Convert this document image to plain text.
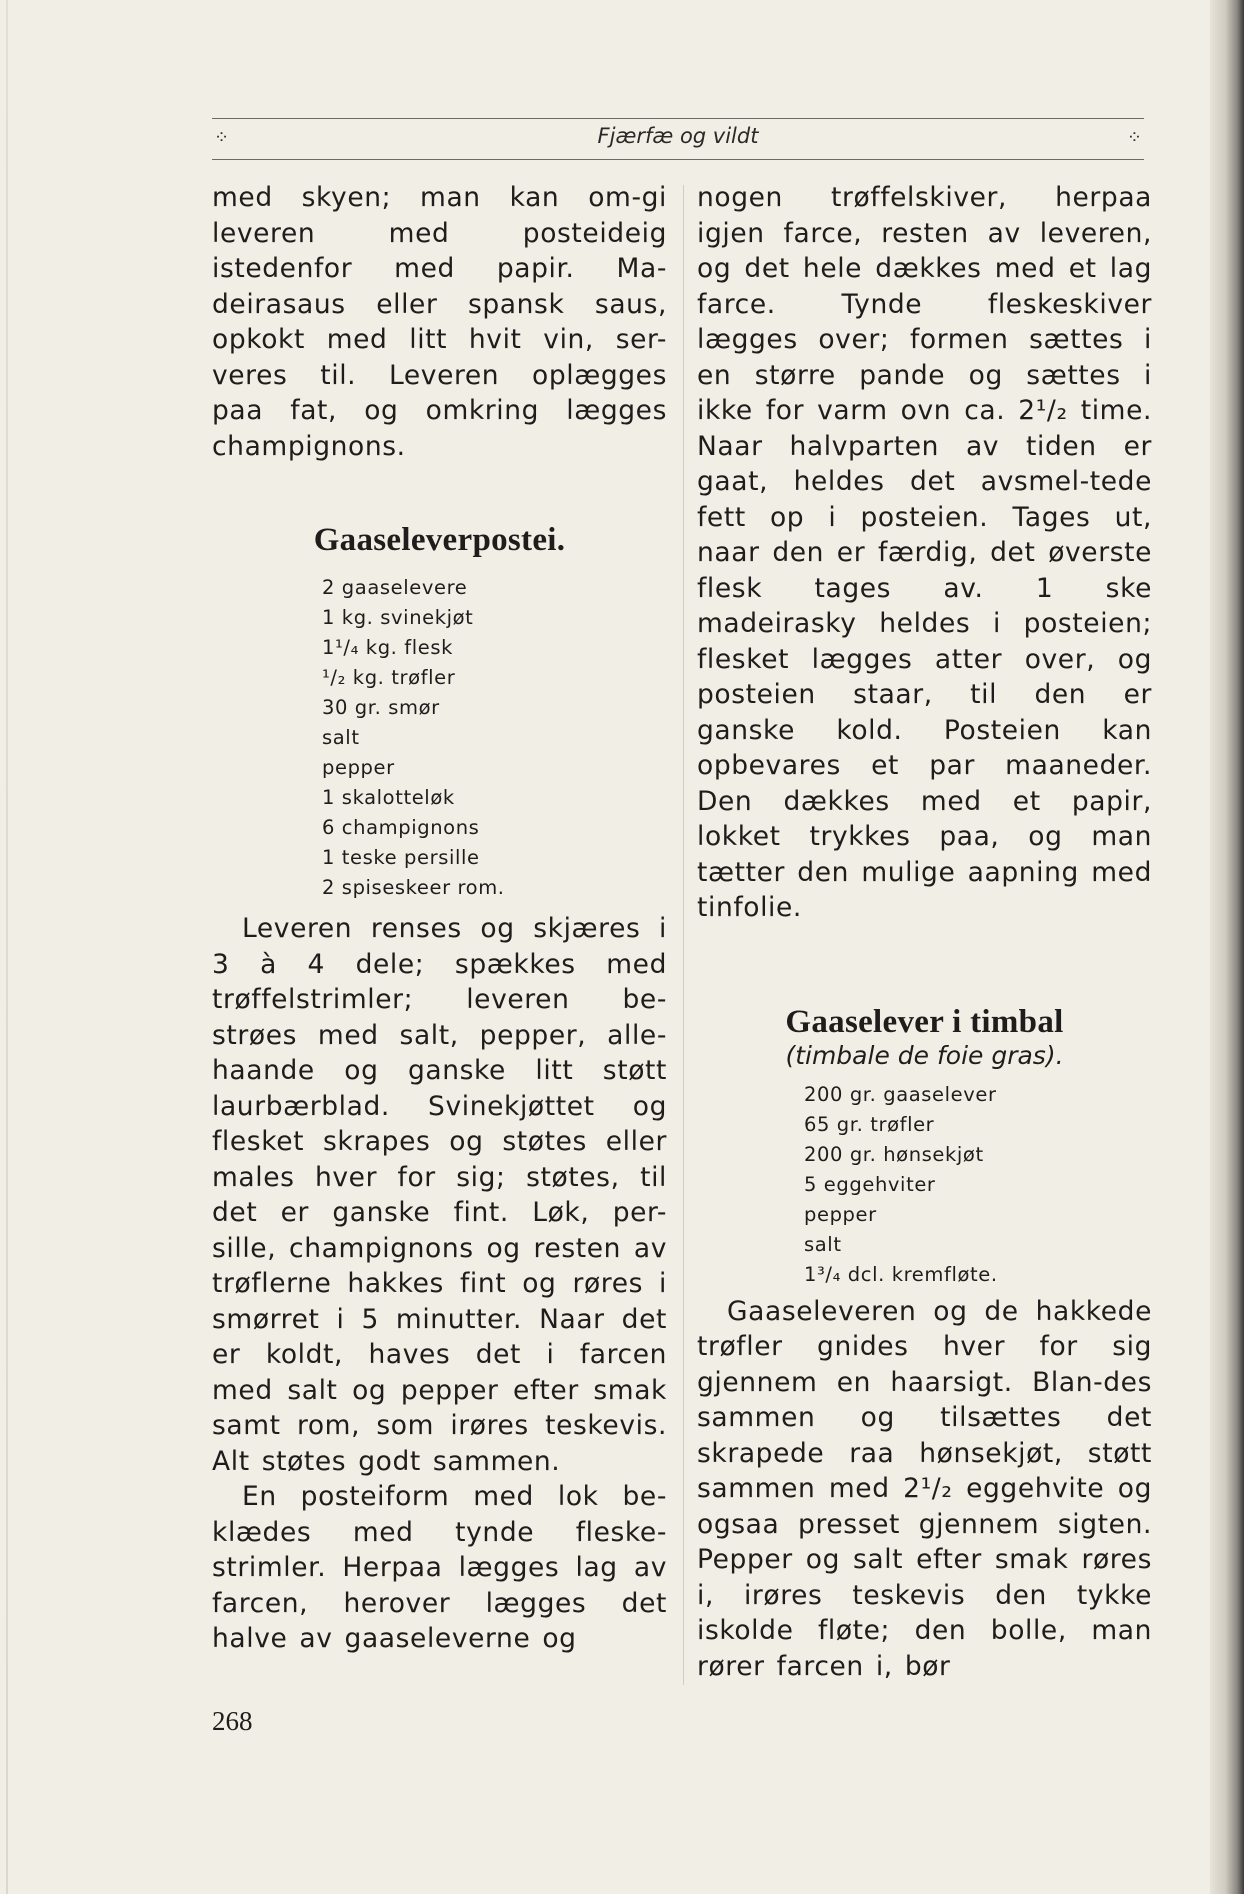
⁘	Fjærfæ og vildt	⁘

med skyen; man kan om-gi leveren med posteideig istedenfor med papir. Ma-deirasaus eller spansk saus, opkokt med litt hvit vin, ser-veres til. Leveren oplægges paa fat, og omkring lægges champignons.

Gaaseleverpostei.
2 gaaselevere
1 kg. svinekjøt
1¹/₄ kg. flesk
¹/₂ kg. trøfler
30 gr. smør
salt
pepper
1 skalotteløk
6 champignons
1 teske persille
2 spiseskeer rom.

Leveren renses og skjæres i 3 à 4 dele; spækkes med trøffelstrimler; leveren be-strøes med salt, pepper, alle-haande og ganske litt støtt laurbærblad. Svinekjøttet og flesket skrapes og støtes eller males hver for sig; støtes, til det er ganske fint. Løk, per-sille, champignons og resten av trøflerne hakkes fint og røres i smørret i 5 minutter. Naar det er koldt, haves det i farcen med salt og pepper efter smak samt rom, som irøres teskevis. Alt støtes godt sammen.

En posteiform med lok be-klædes med tynde fleske-strimler. Herpaa lægges lag av farcen, herover lægges det halve av gaaseleverne og

nogen trøffelskiver, herpaa igjen farce, resten av leveren, og det hele dækkes med et lag farce. Tynde fleskeskiver lægges over; formen sættes i en større pande og sættes i ikke for varm ovn ca. 2¹/₂ time. Naar halvparten av tiden er gaat, heldes det avsmel-tede fett op i posteien. Tages ut, naar den er færdig, det øverste flesk tages av. 1 ske madeirasky heldes i posteien; flesket lægges atter over, og posteien staar, til den er ganske kold. Posteien kan opbevares et par maaneder. Den dækkes med et papir, lokket trykkes paa, og man tætter den mulige aapning med tinfolie.

Gaaselever i timbal

(timbale de foie gras).

200 gr. gaaselever
65 gr. trøfler
200 gr. hønsekjøt
5 eggehviter
pepper
salt
1³/₄ dcl. kremfløte.

Gaaseleveren og de hakkede trøfler gnides hver for sig gjennem en haarsigt. Blan-des sammen og tilsættes det skrapede raa hønsekjøt, støtt sammen med 2¹/₂ eggehvite og ogsaa presset gjennem sigten. Pepper og salt efter smak røres i, irøres teskevis den tykke iskolde fløte; den bolle, man rører farcen i, bør

268
